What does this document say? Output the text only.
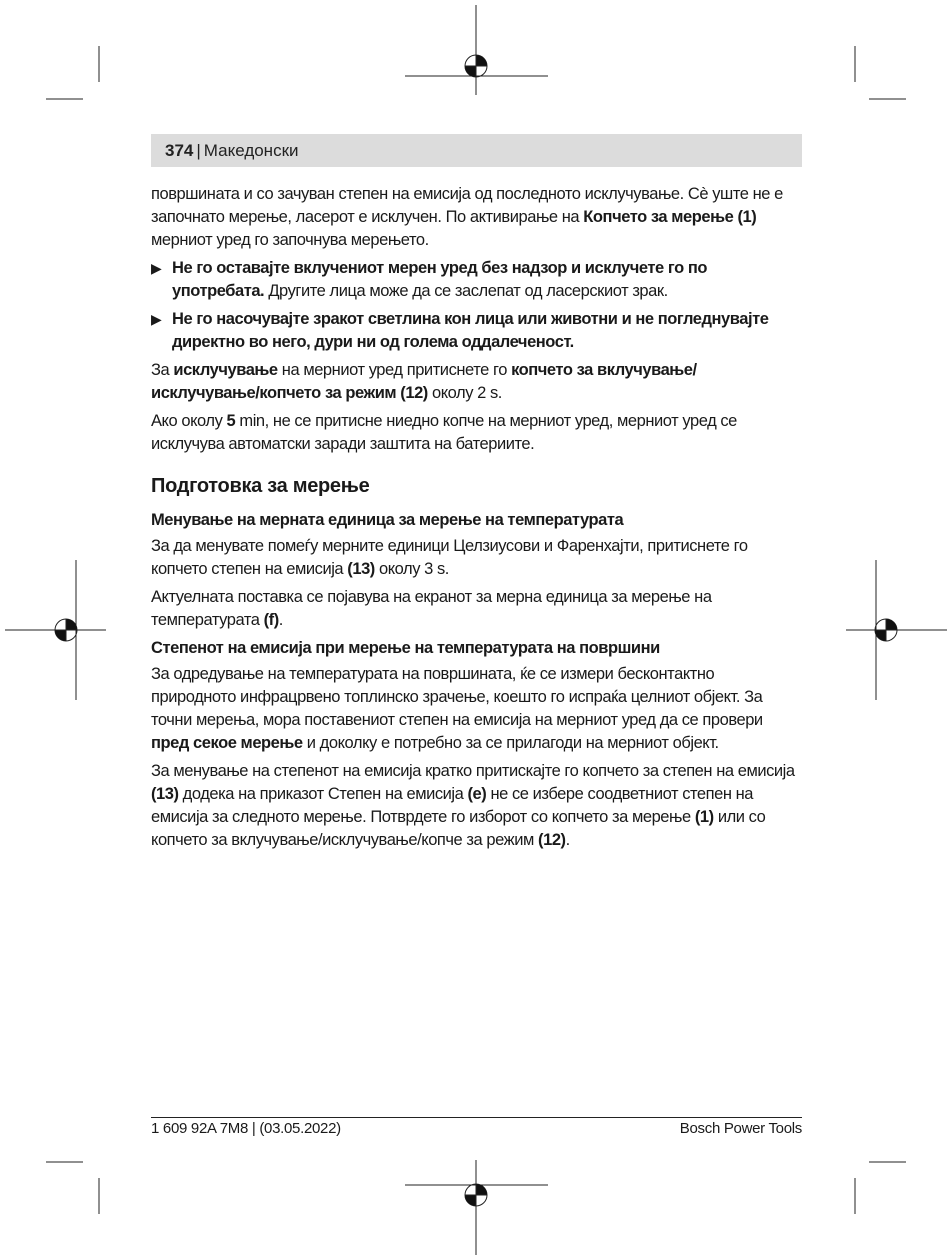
374 | Македонски

површината и со зачуван степен на емисија од последното исклучување. Сè уште не е започнато мерење, ласерот е исклучен. По активирање на Копчето за мерење (1) мерниот уред го започнува мерењето.

▶ Не го оставајте вклучениот мерен уред без надзор и исклучете го по употребата. Другите лица може да се заслепат од ласерскиот зрак.

▶ Не го насочувајте зракот светлина кон лица или животни и не погледнувајте директно во него, дури ни од голема оддалеченост.

За исклучување на мерниот уред притиснете го копчето за вклучување/исклучување/копчето за режим (12) околу 2 s.

Ако околу 5 min, не се притисне ниедно копче на мерниот уред, мерниот уред се исклучува автоматски заради заштита на батериите.

Подготовка за мерење
Менување на мерната единица за мерење на температурата

За да менувате помеѓу мерните единици Целзиусови и Фаренхајти, притиснете го копчето степен на емисија (13) околу 3 s.

Актуелната поставка се појавува на екранот за мерна единица за мерење на температурата (f).

Степенот на емисија при мерење на температурата на површини

За одредување на температурата на површината, ќе се измери бесконтактно природното инфрацрвено топлинско зрачење, коешто го испраќа целниот објект. За точни мерења, мора поставениот степен на емисија на мерниот уред да се провери пред секое мерење и доколку е потребно за се прилагоди на мерниот објект.

За менување на степенот на емисија кратко притискајте го копчето за степен на емисија (13) додека на приказот Степен на емисија (e) не се избере соодветниот степен на емисија за следното мерење. Потврдете го изборот со копчето за мерење (1) или со копчето за вклучување/исклучување/копче за режим (12).

1 609 92A 7M8 | (03.05.2022)	Bosch Power Tools
